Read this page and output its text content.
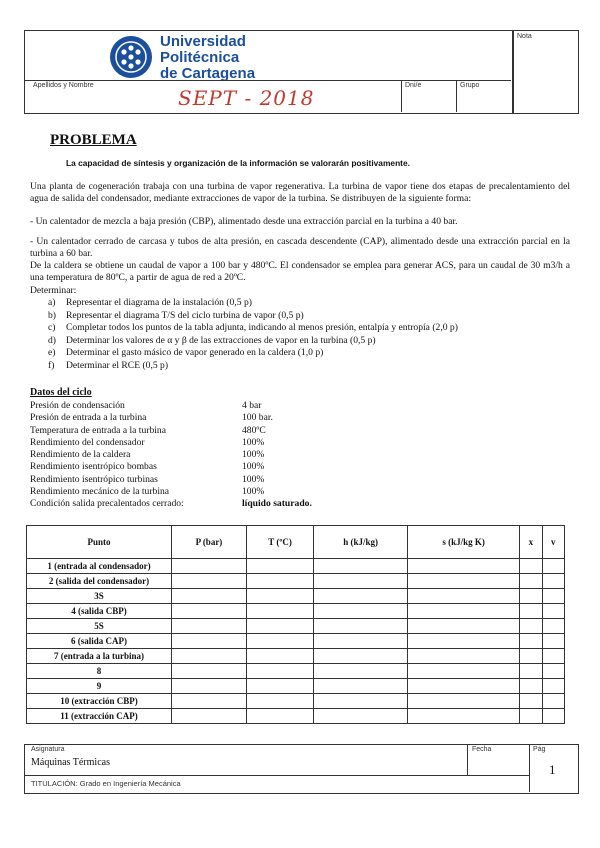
Nota
Universidad
Politécnica
de Cartagena
Apellidos y Nombre	Dni/e	Grupo
SEPT - 2018
PROBLEMA
La capacidad de síntesis y organización de la información se valorarán positivamente.
Una planta de cogeneración trabaja con una turbina de vapor regenerativa. La turbina de vapor tiene dos etapas de precalentamiento del agua de salida del condensador, mediante extracciones de vapor de la turbina. Se distribuyen de la siguiente forma:
- Un calentador de mezcla a baja presión (CBP), alimentado desde una extracción parcial en la turbina a 40 bar.
- Un calentador cerrado de carcasa y tubos de alta presión, en cascada descendente (CAP), alimentado desde una extracción parcial en la turbina a 60 bar.
De la caldera se obtiene un caudal de vapor a 100 bar y 480ºC. El condensador se emplea para generar ACS, para un caudal de 30 m3/h a una temperatura de 80ºC, a partir de agua de red a 20ºC.
Determinar:
a) Representar el diagrama de la instalación (0,5 p)
b) Representar el diagrama T/S del ciclo turbina de vapor (0,5 p)
c) Completar todos los puntos de la tabla adjunta, indicando al menos presión, entalpía y entropía (2,0 p)
d) Determinar los valores de α y β de las extracciones de vapor en la turbina (0,5 p)
e) Determinar el gasto másico de vapor generado en la caldera (1,0 p)
f) Determinar el RCE (0,5 p)
Datos del ciclo
Presión de condensación	4 bar
Presión de entrada a la turbina	100 bar.
Temperatura de entrada a la turbina	480ºC
Rendimiento del condensador	100%
Rendimiento de la caldera	100%
Rendimiento isentrópico bombas	100%
Rendimiento isentrópico turbinas	100%
Rendimiento mecánico de la turbina	100%
Condición salida precalentados cerrado:	líquido saturado.
Punto	P (bar)	T (ºC)	h (kJ/kg)	s (kJ/kg K)	x	v
1 (entrada al condensador)						
2 (salida del condensador)						
3S						
4 (salida CBP)						
5S						
6 (salida CAP)						
7 (entrada a la turbina)						
8						
9						
10 (extracción CBP)						
11 (extracción CAP)						
Asignatura
Máquinas Térmicas
Fecha	Pág
1
TITULACIÓN: Grado en Ingeniería Mecánica
